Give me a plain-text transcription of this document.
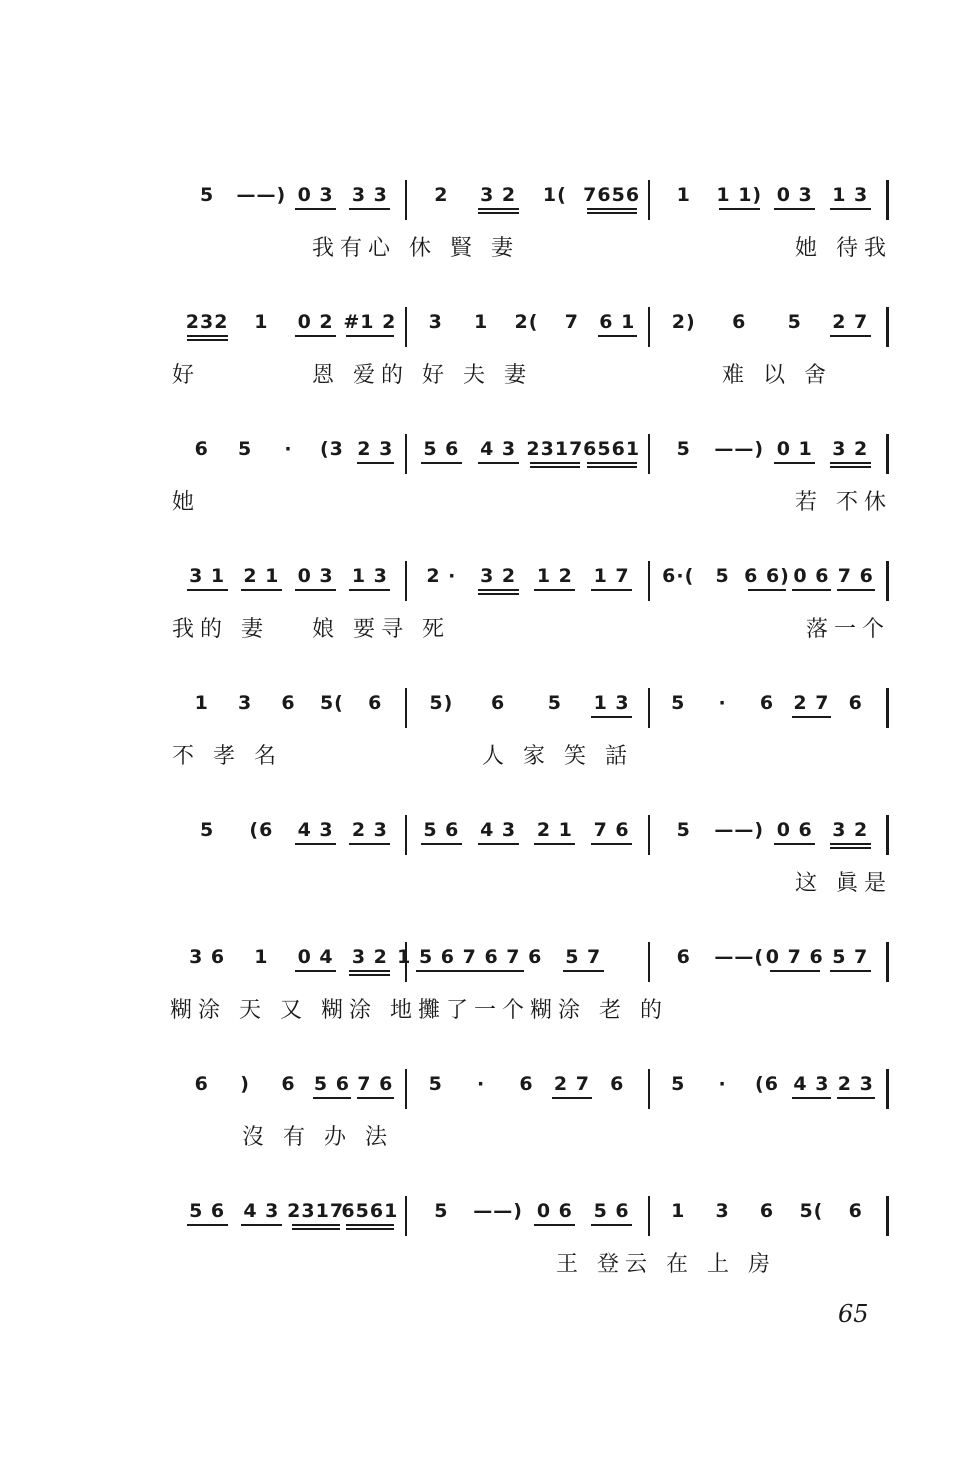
5 ——) 0 3 3 3 2 3 2 1( 7656 1 1 1) 0 3 1 3
我有心 休 賢 妻	她 待我
232 1 0 2 #1 2 3 1 2( 7 6 1 2) 6 5 2 7
好	恩 爱的 好 夫 妻	难 以 舍
6 5 · (3 2 3 5 6 4 3 2317 6561 5 ——) 0 1 3 2
她	若 不休
3 1 2 1 0 3 1 3 2 · 3 2 1 2 1 7 6·( 5 6 6) 0 6 7 6
我的 妻 娘 要寻 死	落一个
1 3 6 5( 6 5) 6 5 1 3 5 · 6 2 7 6
不 孝 名	人 家 笑 話
5 (6 4 3 2 3 5 6 4 3 2 1 7 6 5 ——) 0 6 3 2
这 眞是
3 6 1 0 4 3 2 1 5 6 7 6 7 6 5 7	6 ——( 0 7 6 5 7
糊涂 天 又 糊涂 地攤了一个糊涂 老 的
6 ) 6 5 6 7 6 5 · 6 2 7 6 5 · (6 4 3 2 3
沒 有 办 法
5 6 4 3 2317
6561 5 ——) 0 6 5 6 1 3 6 5( 6
王 登云 在 上 房
65
